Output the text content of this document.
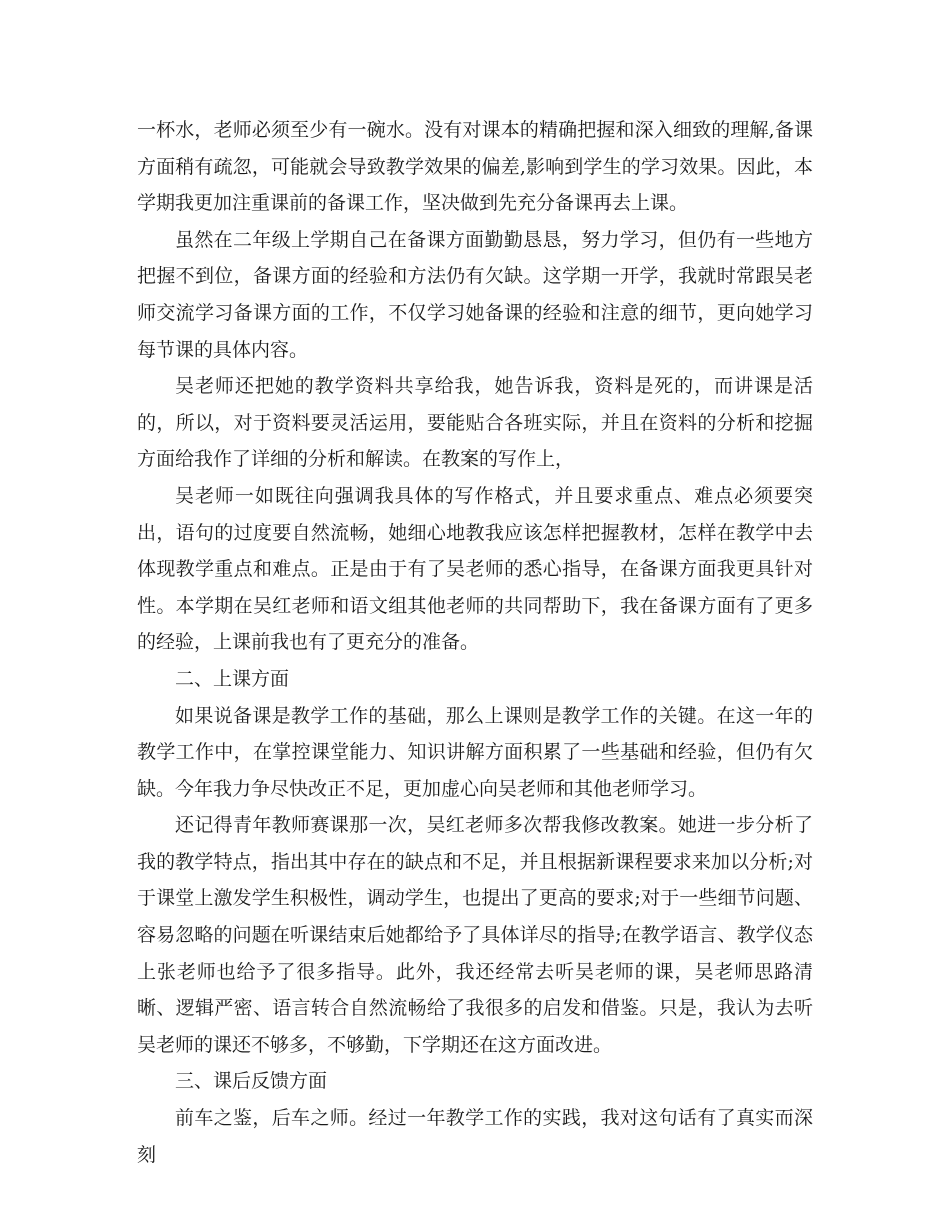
一杯水，老师必须至少有一碗水。没有对课本的精确把握和深入细致的理解,备课方面稍有疏忽，可能就会导致教学效果的偏差,影响到学生的学习效果。因此，本学期我更加注重课前的备课工作，坚决做到先充分备课再去上课。

虽然在二年级上学期自己在备课方面勤勤恳恳，努力学习，但仍有一些地方把握不到位，备课方面的经验和方法仍有欠缺。这学期一开学，我就时常跟吴老师交流学习备课方面的工作，不仅学习她备课的经验和注意的细节，更向她学习每节课的具体内容。

吴老师还把她的教学资料共享给我，她告诉我，资料是死的，而讲课是活的，所以，对于资料要灵活运用，要能贴合各班实际，并且在资料的分析和挖掘方面给我作了详细的分析和解读。在教案的写作上，

吴老师一如既往向强调我具体的写作格式，并且要求重点、难点必须要突出，语句的过度要自然流畅，她细心地教我应该怎样把握教材，怎样在教学中去体现教学重点和难点。正是由于有了吴老师的悉心指导，在备课方面我更具针对性。本学期在吴红老师和语文组其他老师的共同帮助下，我在备课方面有了更多的经验，上课前我也有了更充分的准备。

二、上课方面

如果说备课是教学工作的基础，那么上课则是教学工作的关键。在这一年的教学工作中，在掌控课堂能力、知识讲解方面积累了一些基础和经验，但仍有欠缺。今年我力争尽快改正不足，更加虚心向吴老师和其他老师学习。

还记得青年教师赛课那一次，吴红老师多次帮我修改教案。她进一步分析了我的教学特点，指出其中存在的缺点和不足，并且根据新课程要求来加以分析;对于课堂上激发学生积极性，调动学生，也提出了更高的要求;对于一些细节问题、容易忽略的问题在听课结束后她都给予了具体详尽的指导;在教学语言、教学仪态上张老师也给予了很多指导。此外，我还经常去听吴老师的课，吴老师思路清晰、逻辑严密、语言转合自然流畅给了我很多的启发和借鉴。只是，我认为去听吴老师的课还不够多，不够勤，下学期还在这方面改进。

三、课后反馈方面

前车之鉴，后车之师。经过一年教学工作的实践，我对这句话有了真实而深刻
